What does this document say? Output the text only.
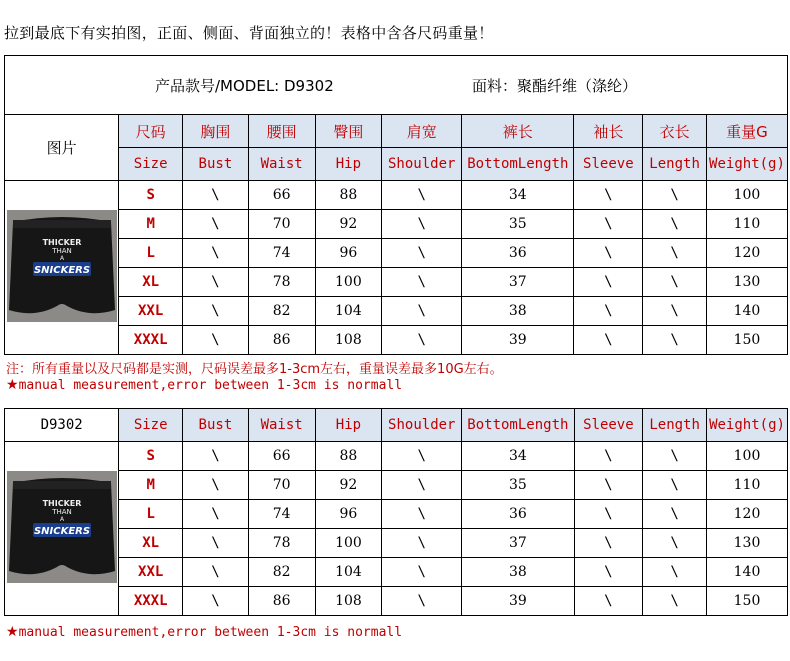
拉到最底下有实拍图，正面、侧面、背面独立的！表格中含各尺码重量！
产品款号/MODEL: D9302 面料：聚酯纤维（涤纶）									

图片	尺码	胸围	腰围	臀围	肩宽	裤长	袖长	衣长	重量G
	Size	Bust	Waist	Hip	Shoulder	BottomLength	Sleeve	Length	Weight(g)

THICKER
THAN
A
SNICKERS	S	\	66	88	\	34	\	\	100
	M	\	70	92	\	35	\	\	110
	L	\	74	96	\	36	\	\	120
	XL	\	78	100	\	37	\	\	130
	XXL	\	82	104	\	38	\	\	140
	XXXL	\	86	108	\	39	\	\	150
注：所有重量以及尺码都是实测，尺码误差最多1-3cm左右，重量误差最多10G左右。
★manual measurement,error between 1-3cm is normall
D9302	Size	Bust	Waist	Hip	Shoulder	BottomLength	Sleeve	Length	Weight(g)

THICKER
THAN
A
SNICKERS	S	\	66	88	\	34	\	\	100
	M	\	70	92	\	35	\	\	110
	L	\	74	96	\	36	\	\	120
	XL	\	78	100	\	37	\	\	130
	XXL	\	82	104	\	38	\	\	140
	XXXL	\	86	108	\	39	\	\	150
★manual measurement,error between 1-3cm is normall
